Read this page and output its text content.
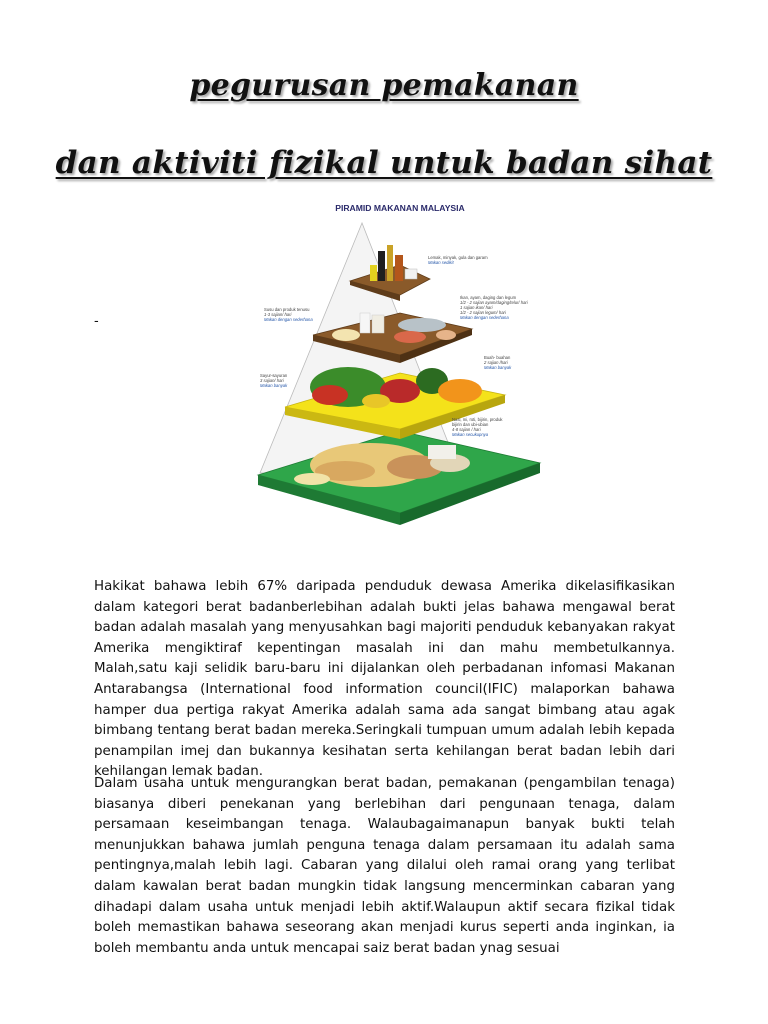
pegurusan pemakanan
dan aktiviti fizikal untuk badan sihat
-
PIRAMID MAKANAN MALAYSIA
Lemak, minyak, gula dan garam Makan sedikit
Ikan, ayam, daging dan legum 1/2 - 2 sajian ayam/daging/telur/ hari 1 sajian ikan/ hari 1/2 - 2 sajian legum/ hari Makan dengan sederhana
Susu dan produk tenusu 1-3 sajian/ hari Makan dengan sederhana
Buah- buahan 2 sajian /hari Makan banyak
Sayur-sayuran 3 sajian/ hari Makan banyak
Nasi, mi, roti, bijirin, produk bijirin dan ubi-ubian 4-8 sajian / hari Makan secukupnya

Hakikat bahawa lebih 67% daripada penduduk dewasa Amerika dikelasifikasikan dalam kategori berat badanberlebihan adalah bukti jelas bahawa mengawal berat badan adalah masalah yang menyusahkan bagi majoriti penduduk kebanyakan rakyat Amerika mengiktiraf kepentingan masalah ini dan mahu membetulkannya. Malah,satu kaji selidik baru-baru ini dijalankan oleh perbadanan infomasi Makanan Antarabangsa (International food information council(IFIC) malaporkan bahawa hamper dua pertiga rakyat Amerika adalah sama ada sangat bimbang atau agak bimbang tentang berat badan mereka.Seringkali tumpuan umum adalah lebih kepada penampilan imej dan bukannya kesihatan serta kehilangan berat badan lebih dari kehilangan lemak badan.

Dalam usaha untuk mengurangkan berat badan, pemakanan (pengambilan tenaga) biasanya diberi penekanan yang berlebihan dari pengunaan tenaga, dalam persamaan keseimbangan tenaga. Walaubagaimanapun banyak bukti telah menunjukkan bahawa jumlah penguna tenaga dalam persamaan itu adalah sama pentingnya,malah lebih lagi. Cabaran yang dilalui oleh ramai orang yang terlibat dalam kawalan berat badan mungkin tidak langsung mencerminkan cabaran yang dihadapi dalam usaha untuk menjadi lebih aktif.Walaupun aktif secara fizikal tidak boleh memastikan bahawa seseorang akan menjadi kurus seperti anda inginkan, ia boleh membantu anda untuk mencapai saiz berat badan ynag sesuai
